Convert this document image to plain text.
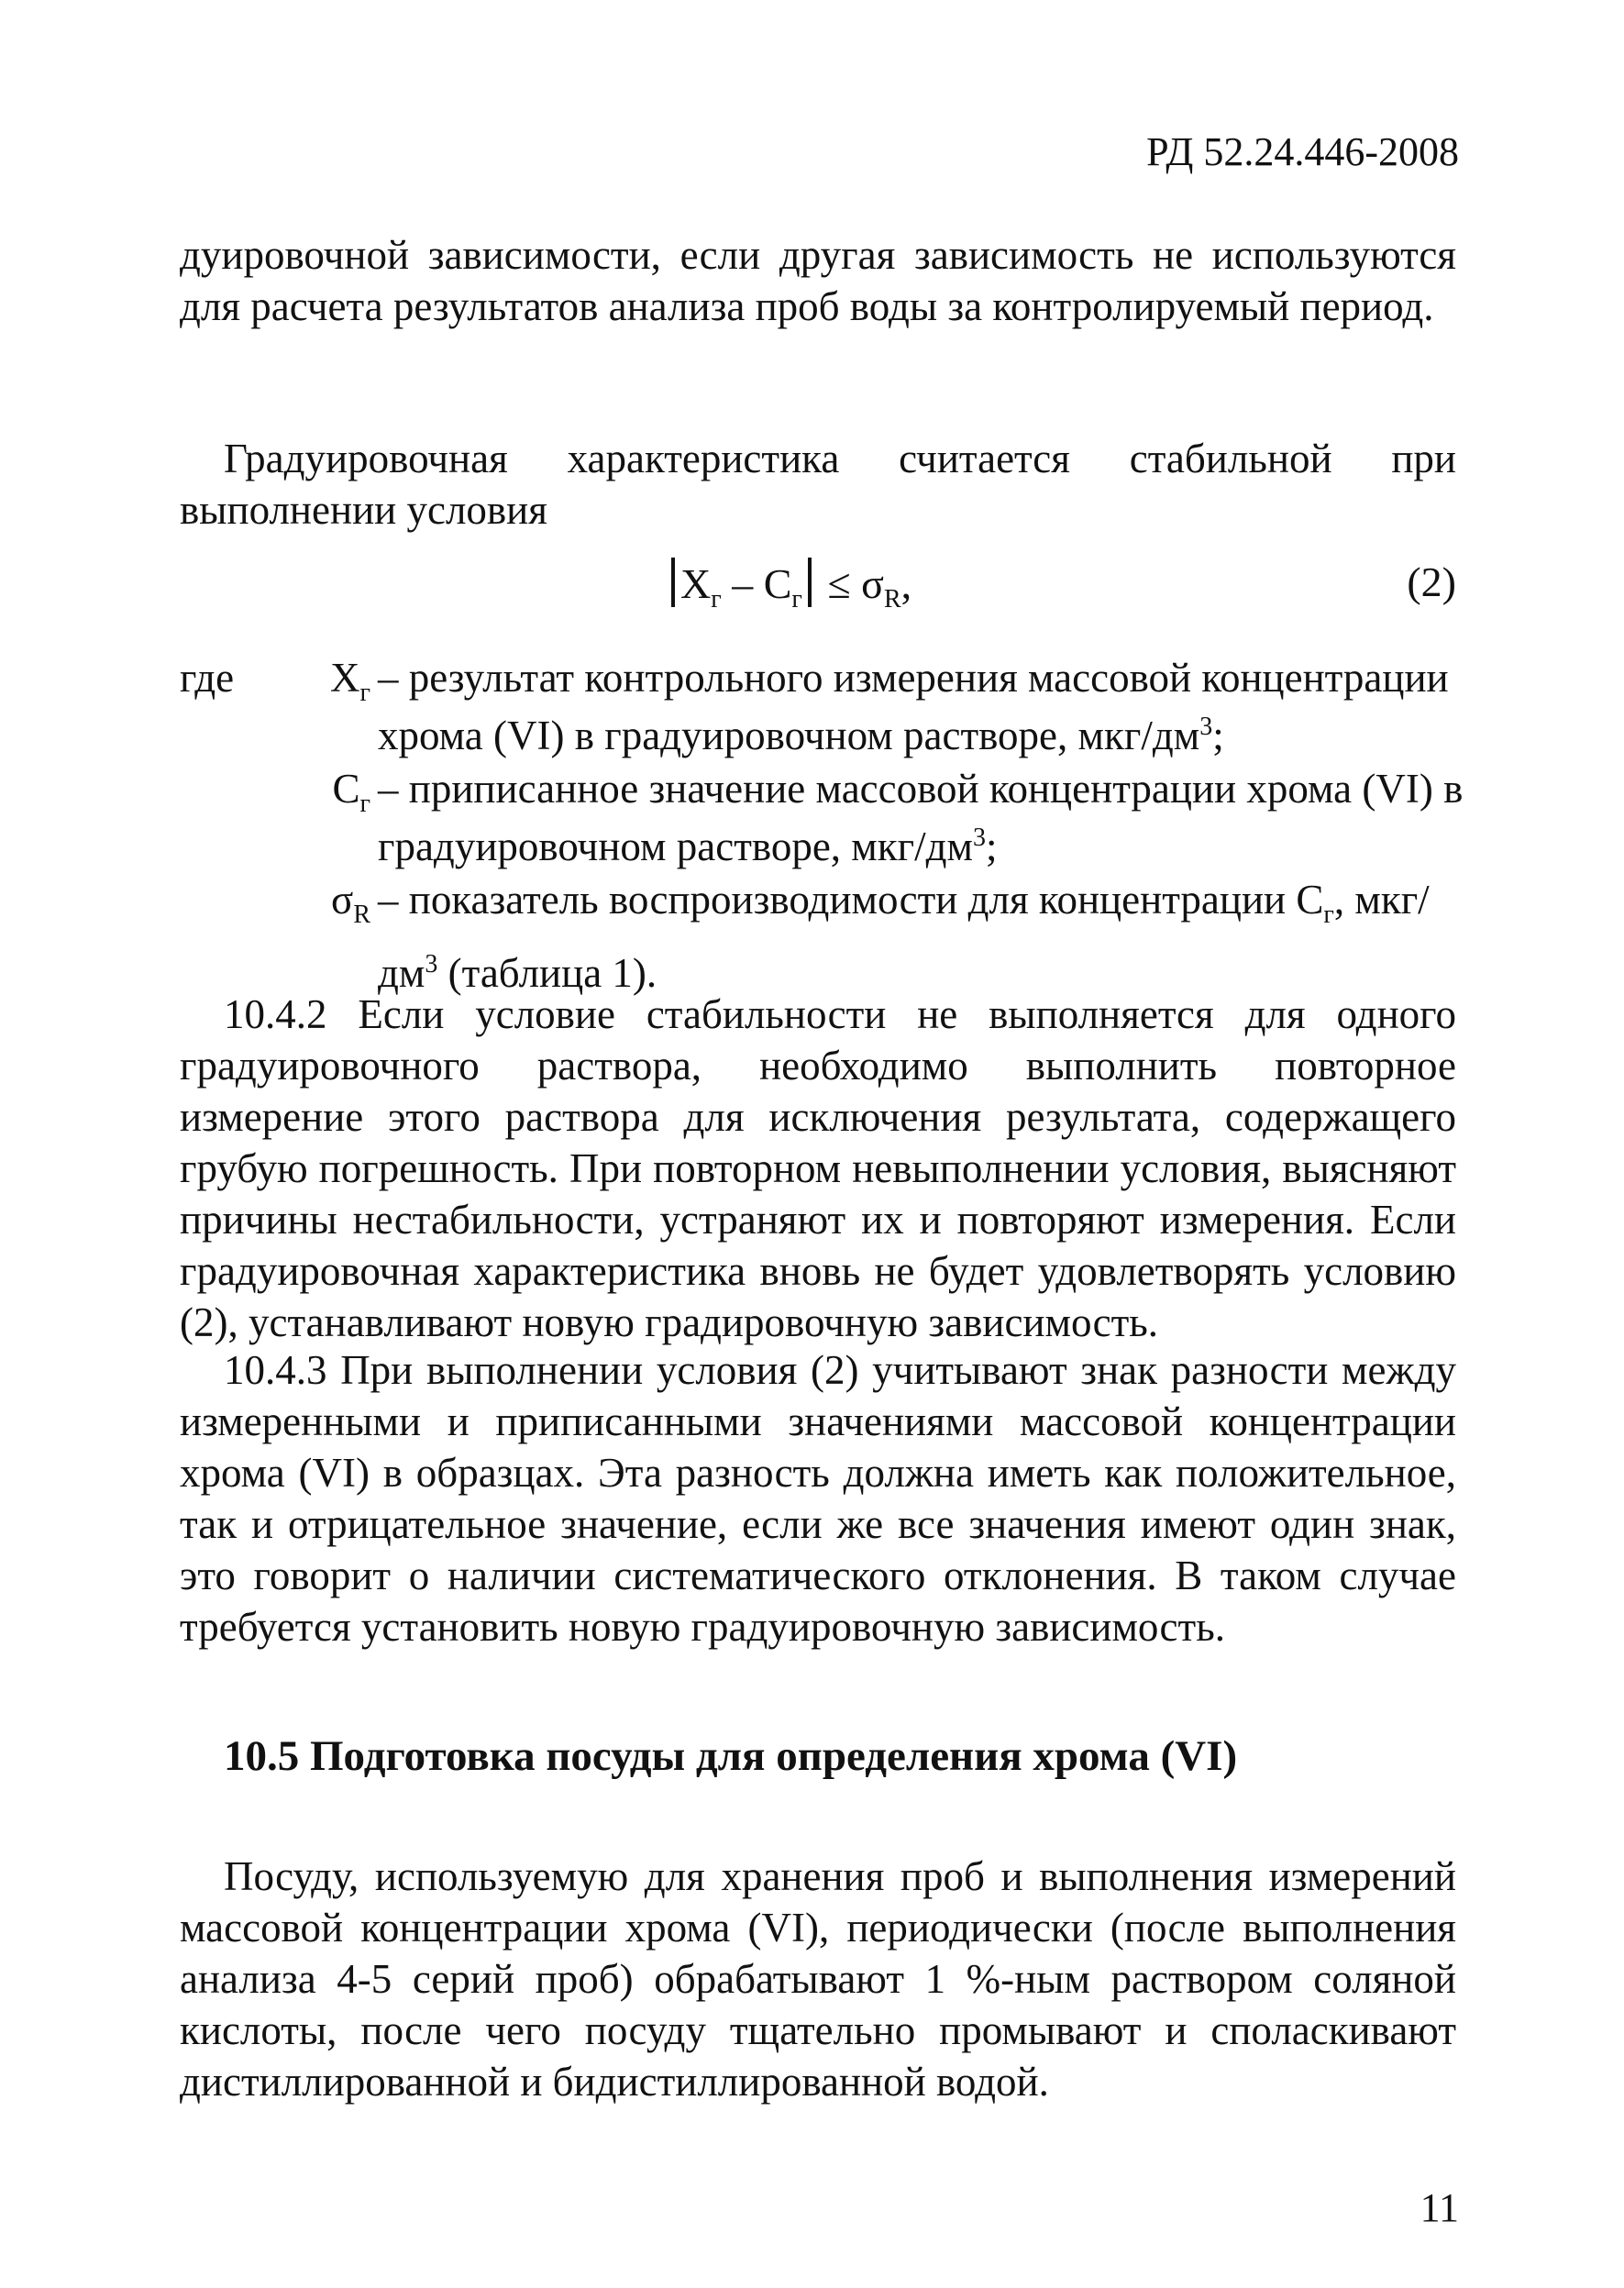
РД 52.24.446-2008

дуировочной зависимости, если другая зависимость не используются для расчета результатов анализа проб воды за контролируемый период.

Градуировочная характеристика считается стабильной при выполнении условия

$X_г - C_г \le \sigma_R$,	(2)
где	$X_г$ – результат контрольного измерения массовой концентрации хрома (VI) в градуировочном растворе, мкг/$дм^3$;
$C_г$ – приписанное значение массовой концентрации хрома (VI) в градуировочном растворе, мкг/$дм^3$;
$\sigma_R$ – показатель воспроизводимости для концентрации $C_г$, мкг/$дм^3$ (таблица 1).

10.4.2 Если условие стабильности не выполняется для одного градуировочного раствора, необходимо выполнить повторное измерение этого раствора для исключения результата, содержащего грубую погрешность. При повторном невыполнении условия, выясняют причины нестабильности, устраняют их и повторяют измерения. Если градуировочная характеристика вновь не будет удовлетворять условию (2), устанавливают новую градировочную зависимость.

10.4.3 При выполнении условия (2) учитывают знак разности между измеренными и приписанными значениями массовой концентрации хрома (VI) в образцах. Эта разность должна иметь как положительное, так и отрицательное значение, если же все значения имеют один знак, это говорит о наличии систематического отклонения. В таком случае требуется установить новую градуировочную зависимость.

10.5 Подготовка посуды для определения хрома (VI)

Посуду, используемую для хранения проб и выполнения измерений массовой концентрации хрома (VI), периодически (после выполнения анализа 4-5 серий проб) обрабатывают 1 %-ным раствором соляной кислоты, после чего посуду тщательно промывают и споласкивают дистиллированной и бидистиллированной водой.

11
